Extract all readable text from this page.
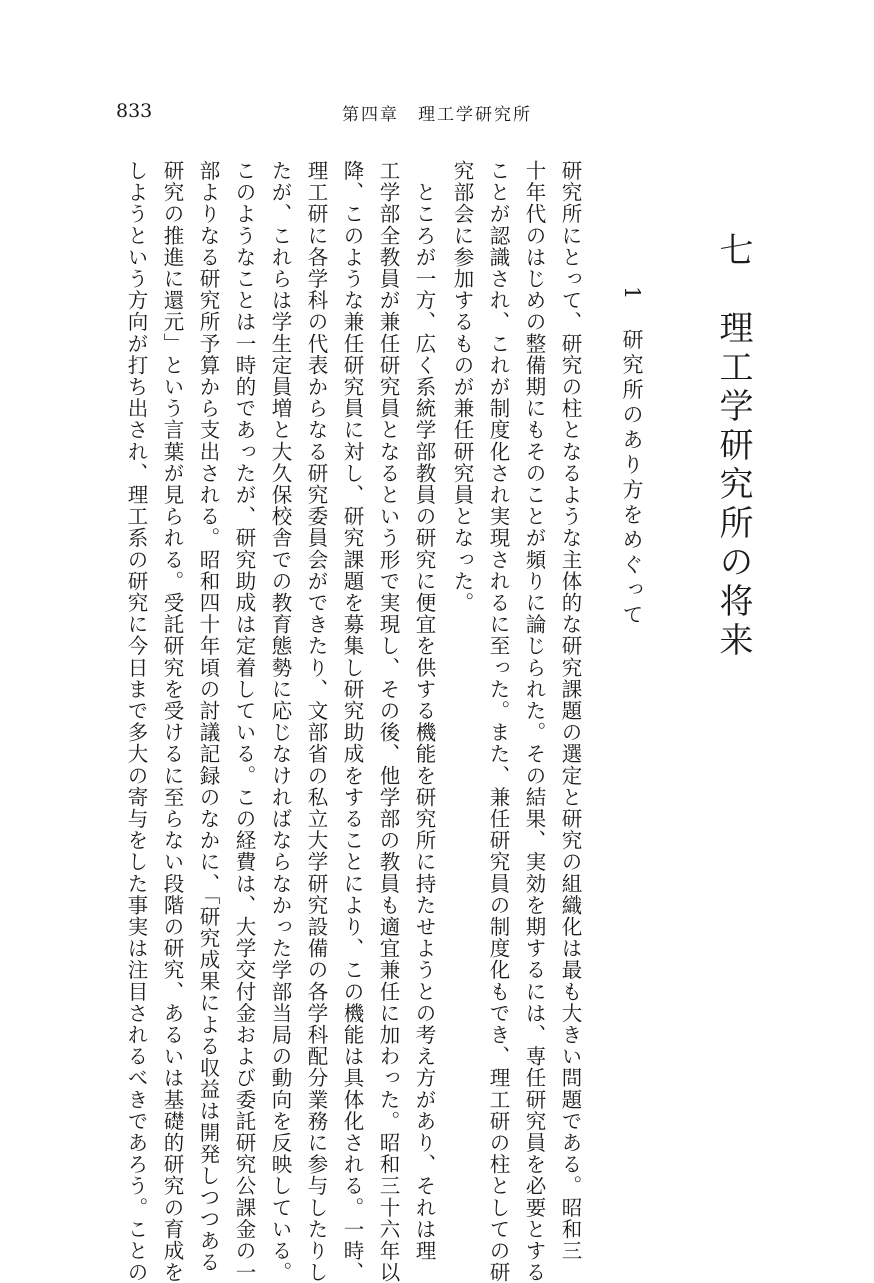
833	第四章　理工学研究所
七　理工学研究所の将来
1　研究所のあり方をめぐって
研究所にとって、研究の柱となるような主体的な研究課題の選定と研究の組織化は最も大きい問題である。昭和三
十年代のはじめの整備期にもそのことが頻りに論じられた。その結果、実効を期するには、専任研究員を必要とする
ことが認識され、これが制度化され実現されるに至った。また、兼任研究員の制度化もでき、理工研の柱としての研
究部会に参加するものが兼任研究員となった。
　ところが一方、広く系統学部教員の研究に便宜を供する機能を研究所に持たせようとの考え方があり、それは理
工学部全教員が兼任研究員となるという形で実現し、その後、他学部の教員も適宜兼任に加わった。昭和三十六年以
降、このような兼任研究員に対し、研究課題を募集し研究助成をすることにより、この機能は具体化される。一時、
理工研に各学科の代表からなる研究委員会ができたり、文部省の私立大学研究設備の各学科配分業務に参与したりし
たが、これらは学生定員増と大久保校舎での教育態勢に応じなければならなかった学部当局の動向を反映している。
このようなことは一時的であったが、研究助成は定着している。この経費は、大学交付金および委託研究公課金の一
部よりなる研究所予算から支出される。昭和四十年頃の討議記録のなかに、「研究成果による収益は開発しつつある
研究の推進に還元」という言葉が見られる。受託研究を受けるに至らない段階の研究、あるいは基礎的研究の育成を
しようという方向が打ち出され、理工系の研究に今日まで多大の寄与をした事実は注目されるべきであろう。ことの
